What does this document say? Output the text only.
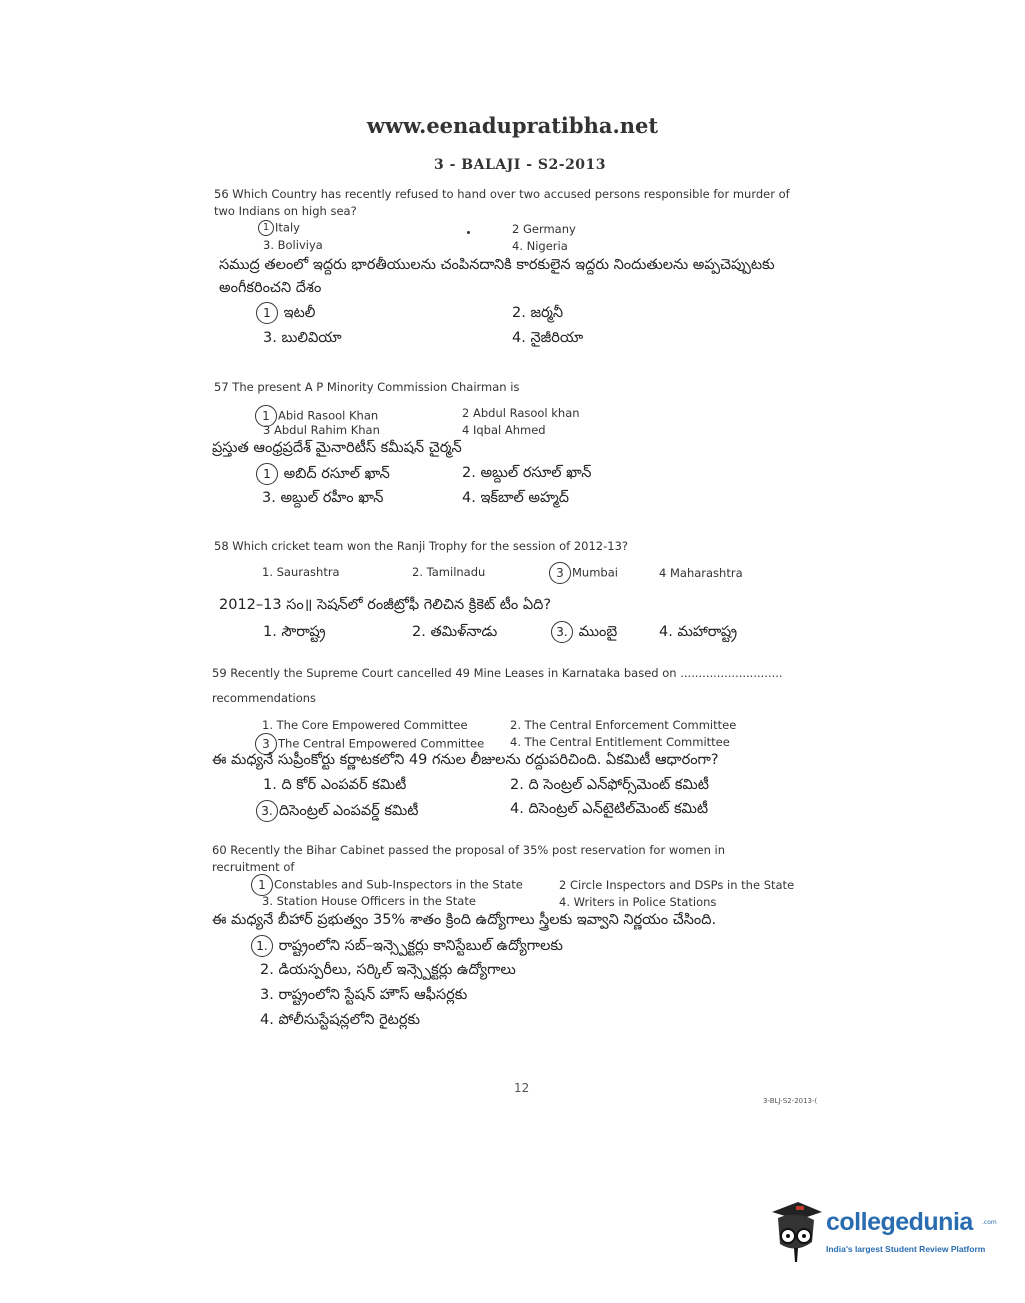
www.eenadupratibha.net
3 - BALAJI - S2-2013
56 Which Country has recently refused to hand over two accused persons responsible for murder of
two Indians on high sea?
1 Italy	2 Germany
3. Boliviya	4. Nigeria
సముద్ర తలంలో ఇద్దరు భారతీయులను చంపినదానికి కారకులైన ఇద్దరు నిందుతులను అప్పచెప్పుటకు
అంగీకరించని దేశం
1 ఇటలీ	2. జర్మనీ
3. బులివియా	4. నైజీరియా
57 The present A P Minority Commission Chairman is
1 Abid Rasool Khan	2 Abdul Rasool khan
3 Abdul Rahim Khan	4 Iqbal Ahmed
ప్రస్తుత ఆంధ్రప్రదేశ్ మైనారిటీస్ కమీషన్ చైర్మన్
1 అబిద్ రసూల్ ఖాన్	2. అబ్దుల్ రసూల్ ఖాన్
3. అబ్దుల్ రహీం ఖాన్	4. ఇక్‌బాల్ అహ్మద్
58 Which cricket team won the Ranji Trophy for the session of 2012-13?
1. Saurashtra	2. Tamilnadu	3 Mumbai	4 Maharashtra
2012–13 సం॥ సెషన్‌లో రంజీట్రోఫీ గెలిచిన క్రికెట్ టీం ఏది?
1. సౌరాష్ట్ర	2. తమిళ్‌నాడు	3. ముంబై	4. మహారాష్ట్ర
59 Recently the Supreme Court cancelled 49 Mine Leases in Karnataka based on ............................
recommendations
1. The Core Empowered Committee	2. The Central Enforcement Committee
3 The Central Empowered Committee 4. The Central Entitlement Committee
ఈ మధ్యనే సుప్రీంకోర్టు కర్ణాటకలోని 49 గనుల లీజులను రద్దుపరిచింది. ఏకమిటీ ఆధారంగా?
1. ది కోర్ ఎంపవర్ కమిటీ	2. ది సెంట్రల్ ఎన్‌ఫోర్స్‌మెంట్ కమిటీ
3. దిసెంట్రల్ ఎంపవర్డ్ కమిటీ	4. దిసెంట్రల్ ఎన్‌టైటిల్‌మెంట్ కమిటీ
60 Recently the Bihar Cabinet passed the proposal of 35% post reservation for women in
recruitment of
1 Constables and Sub-Inspectors in the State	2 Circle Inspectors and DSPs in the State
3. Station House Officers in the State	4. Writers in Police Stations
ఈ మధ్యనే బీహార్ ప్రభుత్వం 35% శాతం క్రింది ఉద్యోగాలు స్త్రీలకు ఇవ్వాని నిర్ణయం చేసింది.
1. రాష్ట్రంలోని సబ్–ఇన్స్పెక్టర్లు కానిస్టేబుల్ ఉద్యోగాలకు
2. డియస్పరీలు, సర్కిల్ ఇన్స్పెక్టర్లు ఉద్యోగాలు
3. రాష్ట్రంలోని స్టేషన్ హౌస్ ఆఫీసర్లకు
4. పోలీసుస్టేషన్లలోని రైటర్లకు
12
3-BLJ-S2-2013-(
collegedunia .com
India's largest Student Review Platform
